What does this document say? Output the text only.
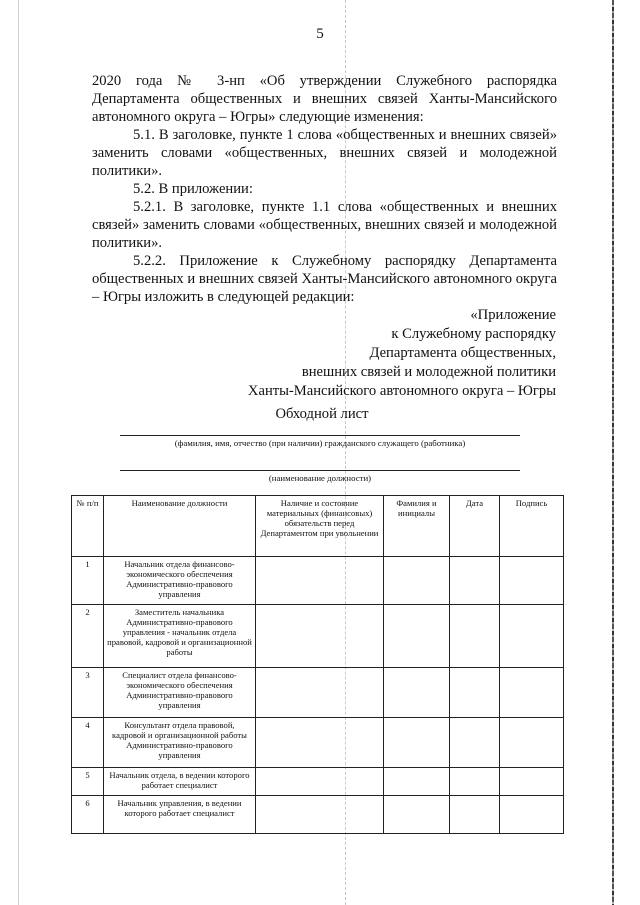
5

2020 года № 3-нп «Об утверждении Служебного распорядка Департамента общественных и внешних связей Ханты-Мансийского автономного округа – Югры» следующие изменения:

5.1. В заголовке, пункте 1 слова «общественных и внешних связей» заменить словами «общественных, внешних связей и молодежной политики».

5.2. В приложении:

5.2.1. В заголовке, пункте 1.1 слова «общественных и внешних связей» заменить словами «общественных, внешних связей и молодежной политики».

5.2.2. Приложение к Служебному распорядку Департамента общественных и внешних связей Ханты-Мансийского автономного округа – Югры изложить в следующей редакции:

«Приложение
к Служебному распорядку
Департамента общественных,
внешних связей и молодежной политики
Ханты-Мансийского автономного округа – Югры
Обходной лист
(фамилия, имя, отчество (при наличии) гражданского служащего (работника)
(наименование должности)
№ п/п	Наименование должности	Наличие и состояние материальных (финансовых) обязательств перед Департаментом при увольнении	Фамилия и инициалы	Дата	Подпись
1	Начальник отдела финансово-экономического обеспечения Административно-правового управления				
2	Заместитель начальника Административно-правового управления - начальник отдела правовой, кадровой и организационной работы				
3	Специалист отдела финансово-экономического обеспечения Административно-правового управления				
4	Консультант отдела правовой, кадровой и организационной работы Административно-правового управления				
5	Начальник отдела, в ведении которого работает специалист				
6	Начальник управления, в ведении которого работает специалист				
